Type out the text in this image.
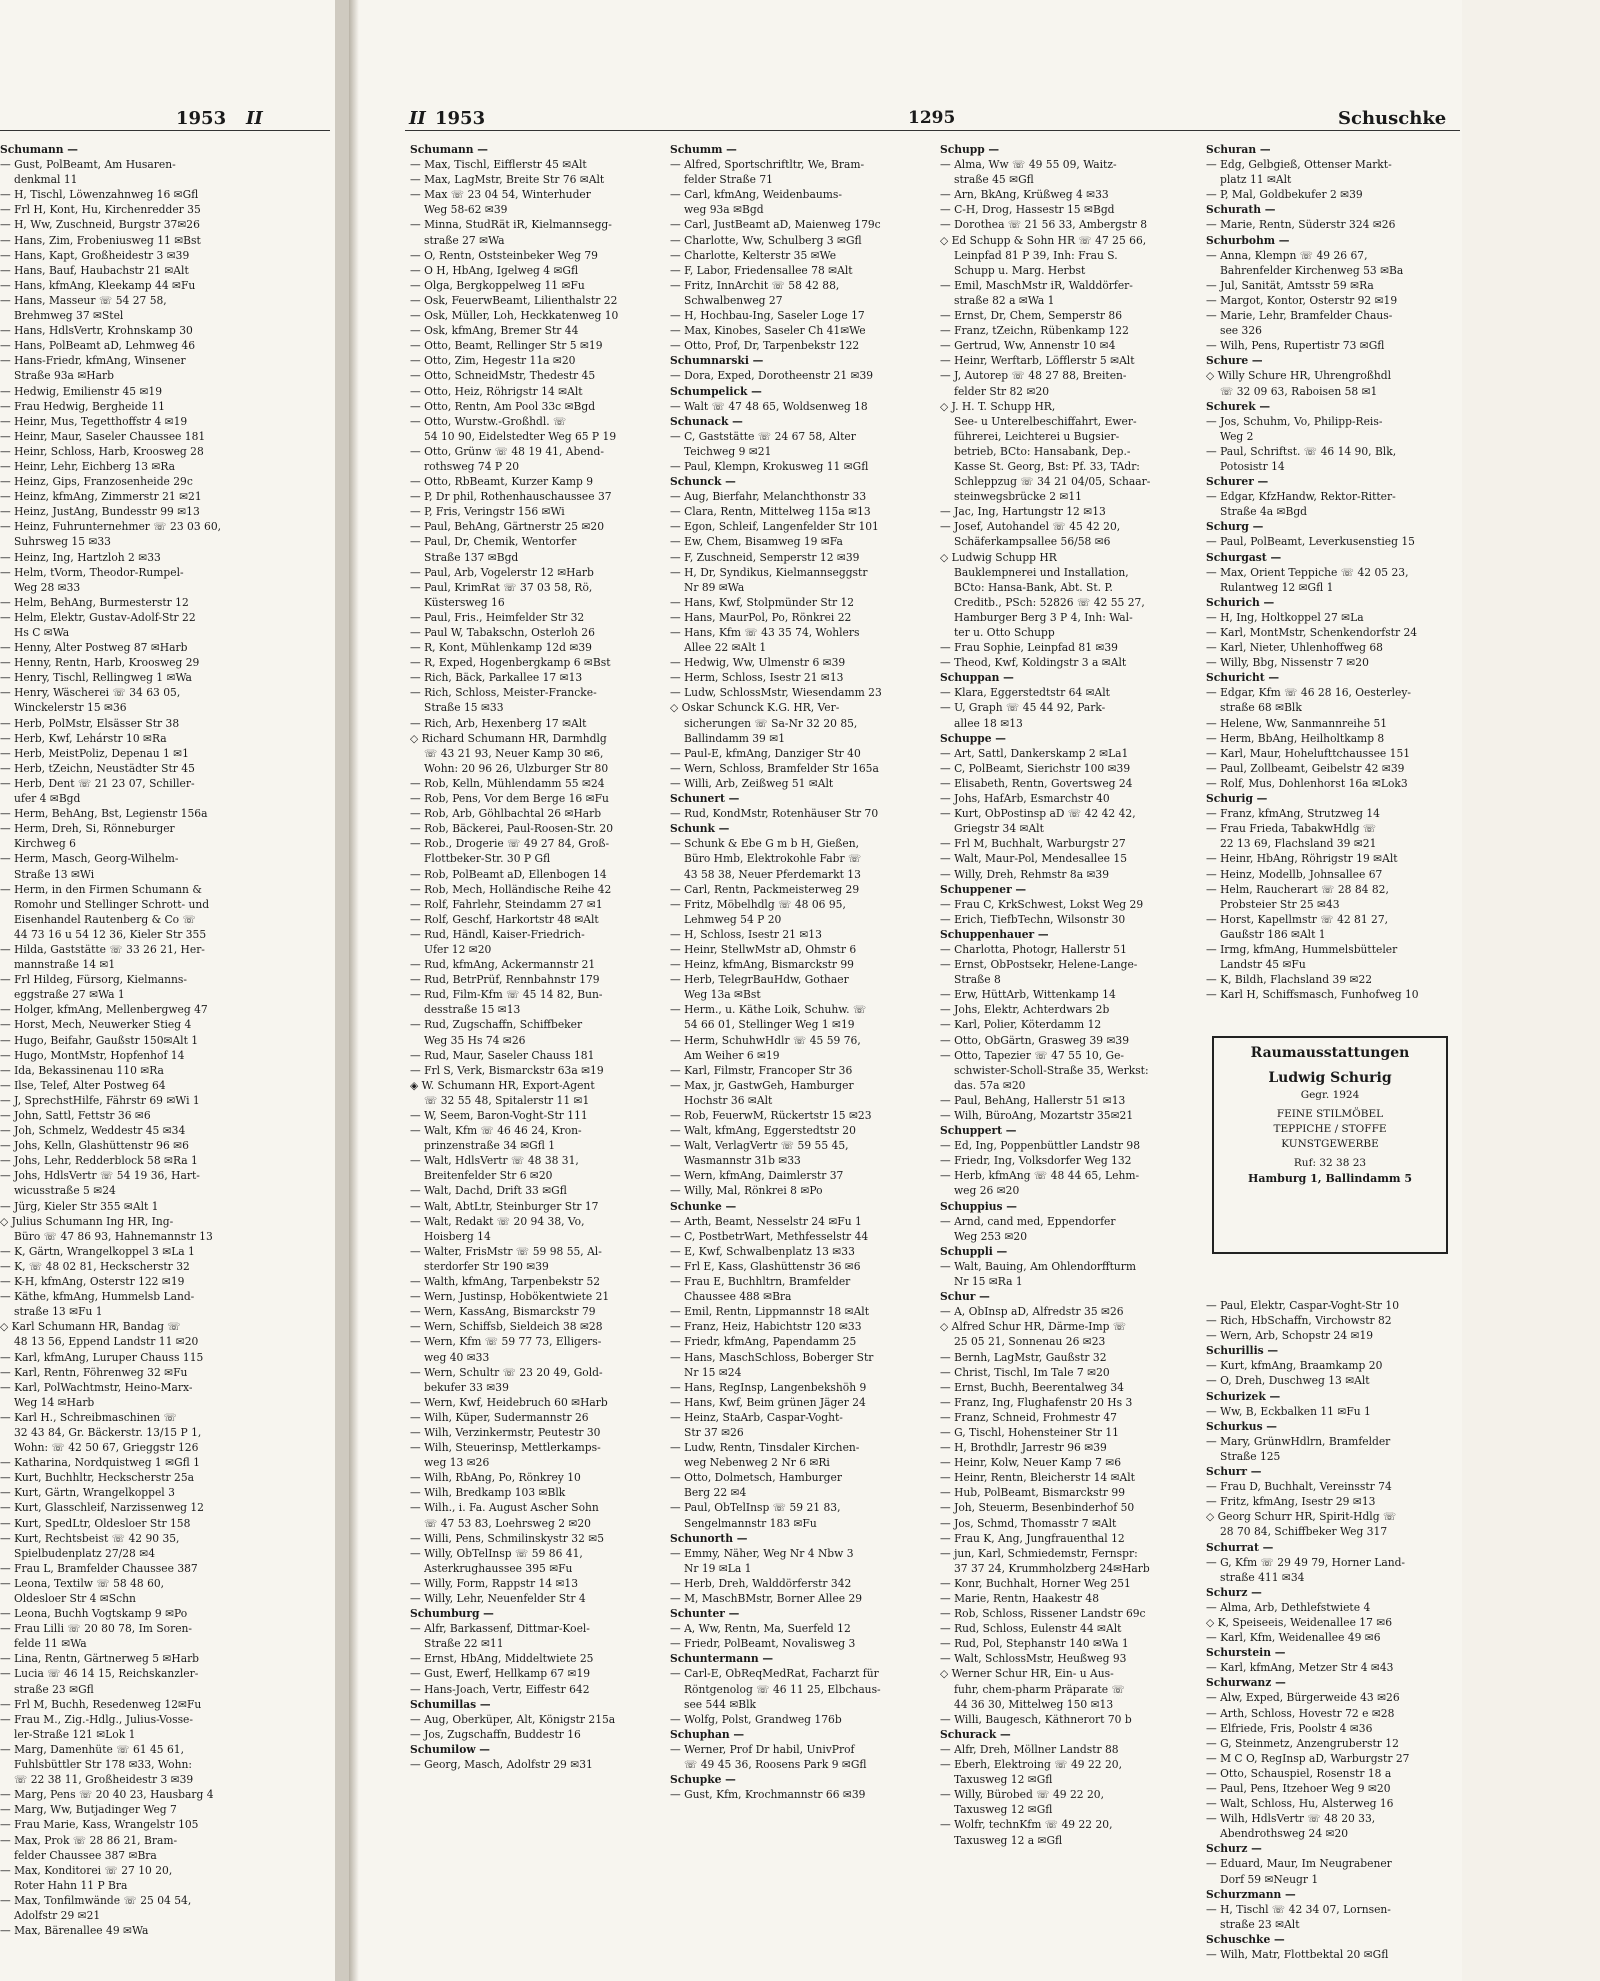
1953 II	II 1953	1295	Schuschke
Schumann —
— Gust, PolBeamt, Am Husaren-
denkmal 11
— H, Tischl, Löwenzahnweg 16 ✉Gfl
— Frl H, Kont, Hu, Kirchenredder 35
— H, Ww, Zuschneid, Burgstr 37✉26
— Hans, Zim, Frobeniusweg 11 ✉Bst
— Hans, Kapt, Großheidestr 3 ✉39
— Hans, Bauf, Haubachstr 21 ✉Alt
— Hans, kfmAng, Kleekamp 44 ✉Fu
— Hans, Masseur ☏ 54 27 58,
Brehmweg 37 ✉Stel
— Hans, HdlsVertr, Krohnskamp 30
— Hans, PolBeamt aD, Lehmweg 46
— Hans-Friedr, kfmAng, Winsener
Straße 93a ✉Harb
— Hedwig, Emilienstr 45 ✉19
— Frau Hedwig, Bergheide 11
— Heinr, Mus, Tegetthoffstr 4 ✉19
— Heinr, Maur, Saseler Chaussee 181
— Heinr, Schloss, Harb, Kroosweg 28
— Heinr, Lehr, Eichberg 13 ✉Ra
— Heinz, Gips, Franzosenheide 29c
— Heinz, kfmAng, Zimmerstr 21 ✉21
— Heinz, JustAng, Bundesstr 99 ✉13
— Heinz, Fuhrunternehmer ☏ 23 03 60,
Suhrsweg 15 ✉33
— Heinz, Ing, Hartzloh 2 ✉33
— Helm, tVorm, Theodor-Rumpel-
Weg 28 ✉33
— Helm, BehAng, Burmesterstr 12
— Helm, Elektr, Gustav-Adolf-Str 22
Hs C ✉Wa
— Henny, Alter Postweg 87 ✉Harb
— Henny, Rentn, Harb, Kroosweg 29
— Henry, Tischl, Rellingweg 1 ✉Wa
— Henry, Wäscherei ☏ 34 63 05,
Winckelerstr 15 ✉36
— Herb, PolMstr, Elsässer Str 38
— Herb, Kwf, Lehárstr 10 ✉Ra
— Herb, MeistPoliz, Depenau 1 ✉1
— Herb, tZeichn, Neustädter Str 45
— Herb, Dent ☏ 21 23 07, Schiller-
ufer 4 ✉Bgd
— Herm, BehAng, Bst, Legienstr 156a
— Herm, Dreh, Si, Rönneburger
Kirchweg 6
— Herm, Masch, Georg-Wilhelm-
Straße 13 ✉Wi
— Herm, in den Firmen Schumann &
Romohr und Stellinger Schrott- und
Eisenhandel Rautenberg & Co ☏
44 73 16 u 54 12 36, Kieler Str 355
— Hilda, Gaststätte ☏ 33 26 21, Her-
mannstraße 14 ✉1
— Frl Hildeg, Fürsorg, Kielmanns-
eggstraße 27 ✉Wa 1
— Holger, kfmAng, Mellenbergweg 47
— Horst, Mech, Neuwerker Stieg 4
— Hugo, Beifahr, Gaußstr 150✉Alt 1
— Hugo, MontMstr, Hopfenhof 14
— Ida, Bekassinenau 110 ✉Ra
— Ilse, Telef, Alter Postweg 64
— J, SprechstHilfe, Fährstr 69 ✉Wi 1
— John, Sattl, Fettstr 36 ✉6
— Joh, Schmelz, Weddestr 45 ✉34
— Johs, Kelln, Glashüttenstr 96 ✉6
— Johs, Lehr, Redderblock 58 ✉Ra 1
— Johs, HdlsVertr ☏ 54 19 36, Hart-
wicusstraße 5 ✉24
— Jürg, Kieler Str 355 ✉Alt 1
◇ Julius Schumann Ing HR, Ing-
Büro ☏ 47 86 93, Hahnemannstr 13
— K, Gärtn, Wrangelkoppel 3 ✉La 1
— K, ☏ 48 02 81, Heckscherstr 32
— K-H, kfmAng, Osterstr 122 ✉19
— Käthe, kfmAng, Hummelsb Land-
straße 13 ✉Fu 1
◇ Karl Schumann HR, Bandag ☏
48 13 56, Eppend Landstr 11 ✉20
— Karl, kfmAng, Luruper Chauss 115
— Karl, Rentn, Föhrenweg 32 ✉Fu
— Karl, PolWachtmstr, Heino-Marx-
Weg 14 ✉Harb
— Karl H., Schreibmaschinen ☏
32 43 84, Gr. Bäckerstr. 13/15 P 1,
Wohn: ☏ 42 50 67, Grieggstr 126
— Katharina, Nordquistweg 1 ✉Gfl 1
— Kurt, Buchhltr, Heckscherstr 25a
— Kurt, Gärtn, Wrangelkoppel 3
— Kurt, Glasschleif, Narzissenweg 12
— Kurt, SpedLtr, Oldesloer Str 158
— Kurt, Rechtsbeist ☏ 42 90 35,
Spielbudenplatz 27/28 ✉4
— Frau L, Bramfelder Chaussee 387
— Leona, Textilw ☏ 58 48 60,
Oldesloer Str 4 ✉Schn
— Leona, Buchh Vogtskamp 9 ✉Po
— Frau Lilli ☏ 20 80 78, Im Soren-
felde 11 ✉Wa
— Lina, Rentn, Gärtnerweg 5 ✉Harb
— Lucia ☏ 46 14 15, Reichskanzler-
straße 23 ✉Gfl
— Frl M, Buchh, Resedenweg 12✉Fu
— Frau M., Zig.-Hdlg., Julius-Vosse-
ler-Straße 121 ✉Lok 1
— Marg, Damenhüte ☏ 61 45 61,
Fuhlsbüttler Str 178 ✉33, Wohn:
☏ 22 38 11, Großheidestr 3 ✉39
— Marg, Pens ☏ 20 40 23, Hausbarg 4
— Marg, Ww, Butjadinger Weg 7
— Frau Marie, Kass, Wrangelstr 105
— Max, Prok ☏ 28 86 21, Bram-
felder Chaussee 387 ✉Bra
— Max, Konditorei ☏ 27 10 20,
Roter Hahn 11 P Bra
— Max, Tonfilmwände ☏ 25 04 54,
Adolfstr 29 ✉21
— Max, Bärenallee 49 ✉Wa
Schumann —
— Max, Tischl, Eifflerstr 45 ✉Alt
— Max, LagMstr, Breite Str 76 ✉Alt
— Max ☏ 23 04 54, Winterhuder
Weg 58-62 ✉39
— Minna, StudRät iR, Kielmannsegg-
straße 27 ✉Wa
— O, Rentn, Oststeinbeker Weg 79
— O H, HbAng, Igelweg 4 ✉Gfl
— Olga, Bergkoppelweg 11 ✉Fu
— Osk, FeuerwBeamt, Lilienthalstr 22
— Osk, Müller, Loh, Heckkatenweg 10
— Osk, kfmAng, Bremer Str 44
— Otto, Beamt, Rellinger Str 5 ✉19
— Otto, Zim, Hegestr 11a ✉20
— Otto, SchneidMstr, Thedestr 45
— Otto, Heiz, Röhrigstr 14 ✉Alt
— Otto, Rentn, Am Pool 33c ✉Bgd
— Otto, Wurstw.-Großhdl. ☏
54 10 90, Eidelstedter Weg 65 P 19
— Otto, Grünw ☏ 48 19 41, Abend-
rothsweg 74 P 20
— Otto, RbBeamt, Kurzer Kamp 9
— P, Dr phil, Rothenhauschaussee 37
— P, Fris, Veringstr 156 ✉Wi
— Paul, BehAng, Gärtnerstr 25 ✉20
— Paul, Dr, Chemik, Wentorfer
Straße 137 ✉Bgd
— Paul, Arb, Vogelerstr 12 ✉Harb
— Paul, KrimRat ☏ 37 03 58, Rö,
Küstersweg 16
— Paul, Fris., Heimfelder Str 32
— Paul W, Tabakschn, Osterloh 26
— R, Kont, Mühlenkamp 12d ✉39
— R, Exped, Hogenbergkamp 6 ✉Bst
— Rich, Bäck, Parkallee 17 ✉13
— Rich, Schloss, Meister-Francke-
Straße 15 ✉33
— Rich, Arb, Hexenberg 17 ✉Alt
◇ Richard Schumann HR, Darmhdlg
☏ 43 21 93, Neuer Kamp 30 ✉6,
Wohn: 20 96 26, Ulzburger Str 80
— Rob, Kelln, Mühlendamm 55 ✉24
— Rob, Pens, Vor dem Berge 16 ✉Fu
— Rob, Arb, Göhlbachtal 26 ✉Harb
— Rob, Bäckerei, Paul-Roosen-Str. 20
— Rob., Drogerie ☏ 49 27 84, Groß-
Flottbeker-Str. 30 P Gfl
— Rob, PolBeamt aD, Ellenbogen 14
— Rob, Mech, Holländische Reihe 42
— Rolf, Fahrlehr, Steindamm 27 ✉1
— Rolf, Geschf, Harkortstr 48 ✉Alt
— Rud, Händl, Kaiser-Friedrich-
Ufer 12 ✉20
— Rud, kfmAng, Ackermannstr 21
— Rud, BetrPrüf, Rennbahnstr 179
— Rud, Film-Kfm ☏ 45 14 82, Bun-
desstraße 15 ✉13
— Rud, Zugschaffn, Schiffbeker
Weg 35 Hs 74 ✉26
— Rud, Maur, Saseler Chauss 181
— Frl S, Verk, Bismarckstr 63a ✉19
◈ W. Schumann HR, Export-Agent
☏ 32 55 48, Spitalerstr 11 ✉1
— W, Seem, Baron-Voght-Str 111
— Walt, Kfm ☏ 46 46 24, Kron-
prinzenstraße 34 ✉Gfl 1
— Walt, HdlsVertr ☏ 48 38 31,
Breitenfelder Str 6 ✉20
— Walt, Dachd, Drift 33 ✉Gfl
— Walt, AbtLtr, Steinburger Str 17
— Walt, Redakt ☏ 20 94 38, Vo,
Hoisberg 14
— Walter, FrisMstr ☏ 59 98 55, Al-
sterdorfer Str 190 ✉39
— Walth, kfmAng, Tarpenbekstr 52
— Wern, Justinsp, Hobökentwiete 21
— Wern, KassAng, Bismarckstr 79
— Wern, Schiffsb, Sieldeich 38 ✉28
— Wern, Kfm ☏ 59 77 73, Elligers-
weg 40 ✉33
— Wern, Schultr ☏ 23 20 49, Gold-
bekufer 33 ✉39
— Wern, Kwf, Heidebruch 60 ✉Harb
— Wilh, Küper, Sudermannstr 26
— Wilh, Verzinkermstr, Peutestr 30
— Wilh, Steuerinsp, Mettlerkamps-
weg 13 ✉26
— Wilh, RbAng, Po, Rönkrey 10
— Wilh, Bredkamp 103 ✉Blk
— Wilh., i. Fa. August Ascher Sohn
☏ 47 53 83, Loehrsweg 2 ✉20
— Willi, Pens, Schmilinskystr 32 ✉5
— Willy, ObTelInsp ☏ 59 86 41,
Asterkrughaussee 395 ✉Fu
— Willy, Form, Rappstr 14 ✉13
— Willy, Lehr, Neuenfelder Str 4
Schumburg —
— Alfr, Barkassenf, Dittmar-Koel-
Straße 22 ✉11
— Ernst, HbAng, Middeltwiete 25
— Gust, Ewerf, Hellkamp 67 ✉19
— Hans-Joach, Vertr, Eiffestr 642
Schumillas —
— Aug, Oberküper, Alt, Königstr 215a
— Jos, Zugschaffn, Buddestr 16
Schumilow —
— Georg, Masch, Adolfstr 29 ✉31
Schumm —
— Alfred, Sportschriftltr, We, Bram-
felder Straße 71
— Carl, kfmAng, Weidenbaums-
weg 93a ✉Bgd
— Carl, JustBeamt aD, Maienweg 179c
— Charlotte, Ww, Schulberg 3 ✉Gfl
— Charlotte, Kelterstr 35 ✉We
— F, Labor, Friedensallee 78 ✉Alt
— Fritz, InnArchit ☏ 58 42 88,
Schwalbenweg 27
— H, Hochbau-Ing, Saseler Loge 17
— Max, Kinobes, Saseler Ch 41✉We
— Otto, Prof, Dr, Tarpenbekstr 122
Schumnarski —
— Dora, Exped, Dorotheenstr 21 ✉39
Schumpelick —
— Walt ☏ 47 48 65, Woldsenweg 18
Schunack —
— C, Gaststätte ☏ 24 67 58, Alter
Teichweg 9 ✉21
— Paul, Klempn, Krokusweg 11 ✉Gfl
Schunck —
— Aug, Bierfahr, Melanchthonstr 33
— Clara, Rentn, Mittelweg 115a ✉13
— Egon, Schleif, Langenfelder Str 101
— Ew, Chem, Bisamweg 19 ✉Fa
— F, Zuschneid, Semperstr 12 ✉39
— H, Dr, Syndikus, Kielmannseggstr
Nr 89 ✉Wa
— Hans, Kwf, Stolpmünder Str 12
— Hans, MaurPol, Po, Rönkrei 22
— Hans, Kfm ☏ 43 35 74, Wohlers
Allee 22 ✉Alt 1
— Hedwig, Ww, Ulmenstr 6 ✉39
— Herm, Schloss, Isestr 21 ✉13
— Ludw, SchlossMstr, Wiesendamm 23
◇ Oskar Schunck K.G. HR, Ver-
sicherungen ☏ Sa-Nr 32 20 85,
Ballindamm 39 ✉1
— Paul-E, kfmAng, Danziger Str 40
— Wern, Schloss, Bramfelder Str 165a
— Willi, Arb, Zeißweg 51 ✉Alt
Schunert —
— Rud, KondMstr, Rotenhäuser Str 70
Schunk —
— Schunk & Ebe G m b H, Gießen,
Büro Hmb, Elektrokohle Fabr ☏
43 58 38, Neuer Pferdemarkt 13
— Carl, Rentn, Packmeisterweg 29
— Fritz, Möbelhdlg ☏ 48 06 95,
Lehmweg 54 P 20
— H, Schloss, Isestr 21 ✉13
— Heinr, StellwMstr aD, Ohmstr 6
— Heinz, kfmAng, Bismarckstr 99
— Herb, TelegrBauHdw, Gothaer
Weg 13a ✉Bst
— Herm., u. Käthe Loik, Schuhw. ☏
54 66 01, Stellinger Weg 1 ✉19
— Herm, SchuhwHdlr ☏ 45 59 76,
Am Weiher 6 ✉19
— Karl, Filmstr, Francoper Str 36
— Max, jr, GastwGeh, Hamburger
Hochstr 36 ✉Alt
— Rob, FeuerwM, Rückertstr 15 ✉23
— Walt, kfmAng, Eggerstedtstr 20
— Walt, VerlagVertr ☏ 59 55 45,
Wasmannstr 31b ✉33
— Wern, kfmAng, Daimlerstr 37
— Willy, Mal, Rönkrei 8 ✉Po
Schunke —
— Arth, Beamt, Nesselstr 24 ✉Fu 1
— C, PostbetrWart, Methfesselstr 44
— E, Kwf, Schwalbenplatz 13 ✉33
— Frl E, Kass, Glashüttenstr 36 ✉6
— Frau E, Buchhltrn, Bramfelder
Chaussee 488 ✉Bra
— Emil, Rentn, Lippmannstr 18 ✉Alt
— Franz, Heiz, Habichtstr 120 ✉33
— Friedr, kfmAng, Papendamm 25
— Hans, MaschSchloss, Boberger Str
Nr 15 ✉24
— Hans, RegInsp, Langenbekshöh 9
— Hans, Kwf, Beim grünen Jäger 24
— Heinz, StaArb, Caspar-Voght-
Str 37 ✉26
— Ludw, Rentn, Tinsdaler Kirchen-
weg Nebenweg 2 Nr 6 ✉Ri
— Otto, Dolmetsch, Hamburger
Berg 22 ✉4
— Paul, ObTelInsp ☏ 59 21 83,
Sengelmannstr 183 ✉Fu
Schunorth —
— Emmy, Näher, Weg Nr 4 Nbw 3
Nr 19 ✉La 1
— Herb, Dreh, Walddörferstr 342
— M, MaschBMstr, Borner Allee 29
Schunter —
— A, Ww, Rentn, Ma, Suerfeld 12
— Friedr, PolBeamt, Novalisweg 3
Schuntermann —
— Carl-E, ObReqMedRat, Facharzt für
Röntgenolog ☏ 46 11 25, Elbchaus-
see 544 ✉Blk
— Wolfg, Polst, Grandweg 176b
Schuphan —
— Werner, Prof Dr habil, UnivProf
☏ 49 45 36, Roosens Park 9 ✉Gfl
Schupke —
— Gust, Kfm, Krochmannstr 66 ✉39
Schupp —
— Alma, Ww ☏ 49 55 09, Waitz-
straße 45 ✉Gfl
— Arn, BkAng, Krüßweg 4 ✉33
— C-H, Drog, Hassestr 15 ✉Bgd
— Dorothea ☏ 21 56 33, Ambergstr 8
◇ Ed Schupp & Sohn HR ☏ 47 25 66,
Leinpfad 81 P 39, Inh: Frau S.
Schupp u. Marg. Herbst
— Emil, MaschMstr iR, Walddörfer-
straße 82 a ✉Wa 1
— Ernst, Dr, Chem, Semperstr 86
— Franz, tZeichn, Rübenkamp 122
— Gertrud, Ww, Annenstr 10 ✉4
— Heinr, Werftarb, Löfflerstr 5 ✉Alt
— J, Autorep ☏ 48 27 88, Breiten-
felder Str 82 ✉20
◇ J. H. T. Schupp HR,
See- u Unterelbeschiffahrt, Ewer-
führerei, Leichterei u Bugsier-
betrieb, BCto: Hansabank, Dep.-
Kasse St. Georg, Bst: Pf. 33, TAdr:
Schleppzug ☏ 34 21 04/05, Schaar-
steinwegsbrücke 2 ✉11
— Jac, Ing, Hartungstr 12 ✉13
— Josef, Autohandel ☏ 45 42 20,
Schäferkampsallee 56/58 ✉6
◇ Ludwig Schupp HR
Bauklempnerei und Installation,
BCto: Hansa-Bank, Abt. St. P.
Creditb., PSch: 52826 ☏ 42 55 27,
Hamburger Berg 3 P 4, Inh: Wal-
ter u. Otto Schupp
— Frau Sophie, Leinpfad 81 ✉39
— Theod, Kwf, Koldingstr 3 a ✉Alt
Schuppan —
— Klara, Eggerstedtstr 64 ✉Alt
— U, Graph ☏ 45 44 92, Park-
allee 18 ✉13
Schuppe —
— Art, Sattl, Dankerskamp 2 ✉La1
— C, PolBeamt, Sierichstr 100 ✉39
— Elisabeth, Rentn, Govertsweg 24
— Johs, HafArb, Esmarchstr 40
— Kurt, ObPostinsp aD ☏ 42 42 42,
Griegstr 34 ✉Alt
— Frl M, Buchhalt, Warburgstr 27
— Walt, Maur-Pol, Mendesallee 15
— Willy, Dreh, Rehmstr 8a ✉39
Schuppener —
— Frau C, KrkSchwest, Lokst Weg 29
— Erich, TiefbTechn, Wilsonstr 30
Schuppenhauer —
— Charlotta, Photogr, Hallerstr 51
— Ernst, ObPostsekr, Helene-Lange-
Straße 8
— Erw, HüttArb, Wittenkamp 14
— Johs, Elektr, Achterdwars 2b
— Karl, Polier, Köterdamm 12
— Otto, ObGärtn, Grasweg 39 ✉39
— Otto, Tapezier ☏ 47 55 10, Ge-
schwister-Scholl-Straße 35, Werkst:
das. 57a ✉20
— Paul, BehAng, Hallerstr 51 ✉13
— Wilh, BüroAng, Mozartstr 35✉21
Schuppert —
— Ed, Ing, Poppenbüttler Landstr 98
— Friedr, Ing, Volksdorfer Weg 132
— Herb, kfmAng ☏ 48 44 65, Lehm-
weg 26 ✉20
Schuppius —
— Arnd, cand med, Eppendorfer
Weg 253 ✉20
Schuppli —
— Walt, Bauing, Am Ohlendorffturm
Nr 15 ✉Ra 1
Schur —
— A, ObInsp aD, Alfredstr 35 ✉26
◇ Alfred Schur HR, Därme-Imp ☏
25 05 21, Sonnenau 26 ✉23
— Bernh, LagMstr, Gaußstr 32
— Christ, Tischl, Im Tale 7 ✉20
— Ernst, Buchh, Beerentalweg 34
— Franz, Ing, Flughafenstr 20 Hs 3
— Franz, Schneid, Frohmestr 47
— G, Tischl, Hohensteiner Str 11
— H, Brothdlr, Jarrestr 96 ✉39
— Heinr, Kolw, Neuer Kamp 7 ✉6
— Heinr, Rentn, Bleicherstr 14 ✉Alt
— Hub, PolBeamt, Bismarckstr 99
— Joh, Steuerm, Besenbinderhof 50
— Jos, Schmd, Thomasstr 7 ✉Alt
— Frau K, Ang, Jungfrauenthal 12
— jun, Karl, Schmiedemstr, Fernspr:
37 37 24, Krummholzberg 24✉Harb
— Konr, Buchhalt, Horner Weg 251
— Marie, Rentn, Haakestr 48
— Rob, Schloss, Rissener Landstr 69c
— Rud, Schloss, Eulenstr 44 ✉Alt
— Rud, Pol, Stephanstr 140 ✉Wa 1
— Walt, SchlossMstr, Heußweg 93
◇ Werner Schur HR, Ein- u Aus-
fuhr, chem-pharm Präparate ☏
44 36 30, Mittelweg 150 ✉13
— Willi, Baugesch, Käthnerort 70 b
Schurack —
— Alfr, Dreh, Möllner Landstr 88
— Eberh, Elektroing ☏ 49 22 20,
Taxusweg 12 ✉Gfl
— Willy, Bürobed ☏ 49 22 20,
Taxusweg 12 ✉Gfl
— Wolfr, technKfm ☏ 49 22 20,
Taxusweg 12 a ✉Gfl
Schuran —
— Edg, Gelbgieß, Ottenser Markt-
platz 11 ✉Alt
— P, Mal, Goldbekufer 2 ✉39
Schurath —
— Marie, Rentn, Süderstr 324 ✉26
Schurbohm —
— Anna, Klempn ☏ 49 26 67,
Bahrenfelder Kirchenweg 53 ✉Ba
— Jul, Sanität, Amtsstr 59 ✉Ra
— Margot, Kontor, Osterstr 92 ✉19
— Marie, Lehr, Bramfelder Chaus-
see 326
— Wilh, Pens, Rupertistr 73 ✉Gfl
Schure —
◇ Willy Schure HR, Uhrengroßhdl
☏ 32 09 63, Raboisen 58 ✉1
Schurek —
— Jos, Schuhm, Vo, Philipp-Reis-
Weg 2
— Paul, Schriftst. ☏ 46 14 90, Blk,
Potosistr 14
Schurer —
— Edgar, KfzHandw, Rektor-Ritter-
Straße 4a ✉Bgd
Schurg —
— Paul, PolBeamt, Leverkusenstieg 15
Schurgast —
— Max, Orient Teppiche ☏ 42 05 23,
Rulantweg 12 ✉Gfl 1
Schurich —
— H, Ing, Holtkoppel 27 ✉La
— Karl, MontMstr, Schenkendorfstr 24
— Karl, Nieter, Uhlenhoffweg 68
— Willy, Bbg, Nissenstr 7 ✉20
Schuricht —
— Edgar, Kfm ☏ 46 28 16, Oesterley-
straße 68 ✉Blk
— Helene, Ww, Sanmannreihe 51
— Herm, BbAng, Heilholtkamp 8
— Karl, Maur, Hohelufttchaussee 151
— Paul, Zollbeamt, Geibelstr 42 ✉39
— Rolf, Mus, Dohlenhorst 16a ✉Lok3
Schurig —
— Franz, kfmAng, Strutzweg 14
— Frau Frieda, TabakwHdlg ☏
22 13 69, Flachsland 39 ✉21
— Heinr, HbAng, Röhrigstr 19 ✉Alt
— Heinz, Modellb, Johnsallee 67
— Helm, Raucherart ☏ 28 84 82,
Probsteier Str 25 ✉43
— Horst, Kapellmstr ☏ 42 81 27,
Gaußstr 186 ✉Alt 1
— Irmg, kfmAng, Hummelsbütteler
Landstr 45 ✉Fu
— K, Bildh, Flachsland 39 ✉22
— Karl H, Schiffsmasch, Funhofweg 10
Raumausstattungen
Ludwig Schurig
Gegr. 1924
FEINE STILMÖBEL
TEPPICHE / STOFFE
KUNSTGEWERBE
Ruf: 32 38 23
Hamburg 1, Ballindamm 5
— Paul, Elektr, Caspar-Voght-Str 10
— Rich, HbSchaffn, Virchowstr 82
— Wern, Arb, Schopstr 24 ✉19
Schurillis —
— Kurt, kfmAng, Braamkamp 20
— O, Dreh, Duschweg 13 ✉Alt
Schurizek —
— Ww, B, Eckbalken 11 ✉Fu 1
Schurkus —
— Mary, GrünwHdlrn, Bramfelder
Straße 125
Schurr —
— Frau D, Buchhalt, Vereinsstr 74
— Fritz, kfmAng, Isestr 29 ✉13
◇ Georg Schurr HR, Spirit-Hdlg ☏
28 70 84, Schiffbeker Weg 317
Schurrat —
— G, Kfm ☏ 29 49 79, Horner Land-
straße 411 ✉34
Schurz —
— Alma, Arb, Dethlefstwiete 4
◇ K, Speiseeis, Weidenallee 17 ✉6
— Karl, Kfm, Weidenallee 49 ✉6
Schurstein —
— Karl, kfmAng, Metzer Str 4 ✉43
Schurwanz —
— Alw, Exped, Bürgerweide 43 ✉26
— Arth, Schloss, Hovestr 72 e ✉28
— Elfriede, Fris, Poolstr 4 ✉36
— G, Steinmetz, Anzengruberstr 12
— M C O, RegInsp aD, Warburgstr 27
— Otto, Schauspiel, Rosenstr 18 a
— Paul, Pens, Itzehoer Weg 9 ✉20
— Walt, Schloss, Hu, Alsterweg 16
— Wilh, HdlsVertr ☏ 48 20 33,
Abendrothsweg 24 ✉20
Schurz —
— Eduard, Maur, Im Neugrabener
Dorf 59 ✉Neugr 1
Schurzmann —
— H, Tischl ☏ 42 34 07, Lornsen-
straße 23 ✉Alt
Schuschke —
— Wilh, Matr, Flottbektal 20 ✉Gfl
